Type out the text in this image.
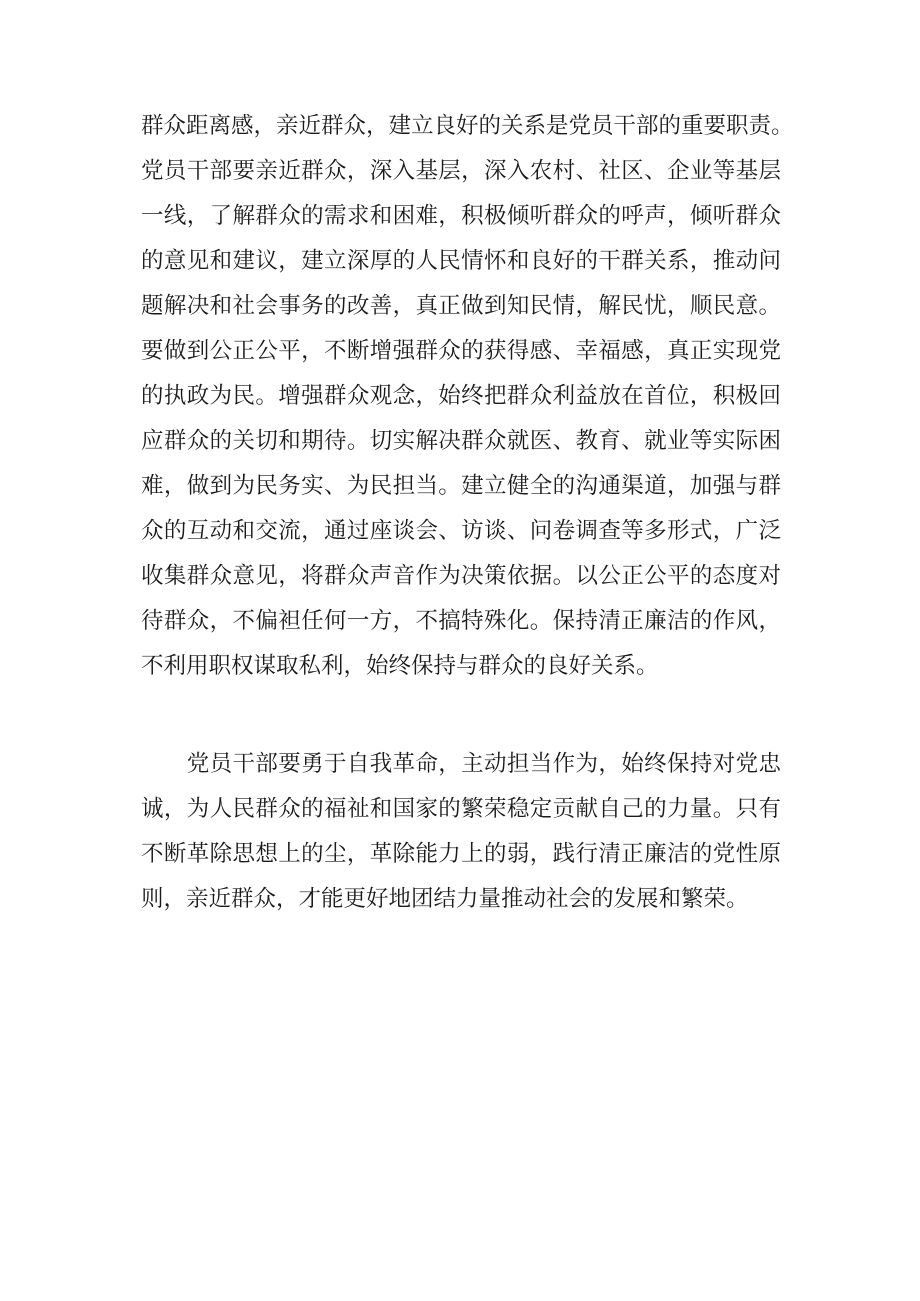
群众距离感，亲近群众，建立良好的关系是党员干部的重要职责。
党员干部要亲近群众，深入基层，深入农村、社区、企业等基层
一线，了解群众的需求和困难，积极倾听群众的呼声，倾听群众
的意见和建议，建立深厚的人民情怀和良好的干群关系，推动问
题解决和社会事务的改善，真正做到知民情，解民忧，顺民意。
要做到公正公平，不断增强群众的获得感、幸福感，真正实现党
的执政为民。增强群众观念，始终把群众利益放在首位，积极回
应群众的关切和期待。切实解决群众就医、教育、就业等实际困
难，做到为民务实、为民担当。建立健全的沟通渠道，加强与群
众的互动和交流，通过座谈会、访谈、问卷调查等多形式，广泛
收集群众意见，将群众声音作为决策依据。以公正公平的态度对
待群众，不偏袒任何一方，不搞特殊化。保持清正廉洁的作风，
不利用职权谋取私利，始终保持与群众的良好关系。
　　党员干部要勇于自我革命，主动担当作为，始终保持对党忠
诚，为人民群众的福祉和国家的繁荣稳定贡献自己的力量。只有
不断革除思想上的尘，革除能力上的弱，践行清正廉洁的党性原
则，亲近群众，才能更好地团结力量推动社会的发展和繁荣。
